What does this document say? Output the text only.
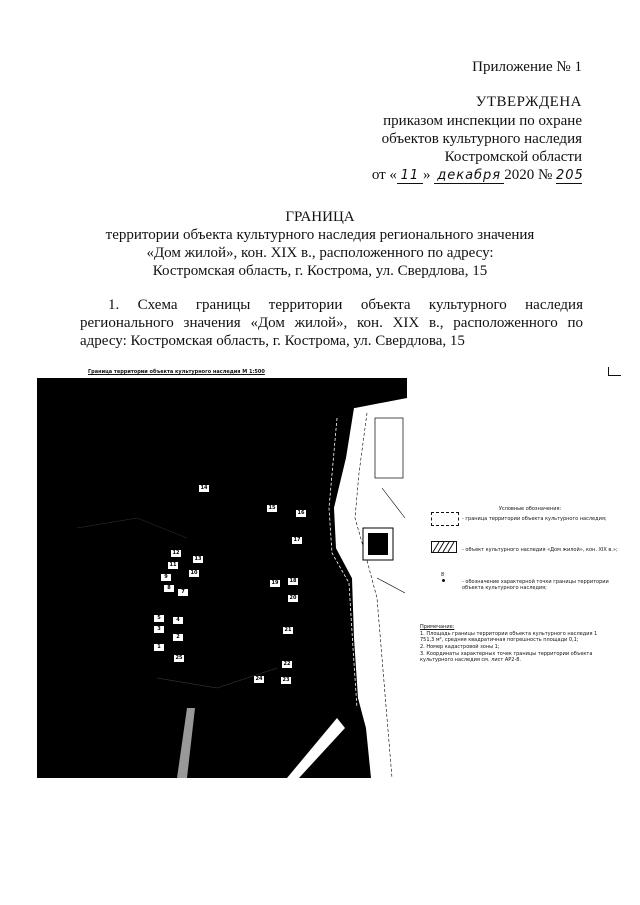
Приложение № 1
УТВЕРЖДЕНА
приказом инспекции по охране
объектов культурного наследия
Костромской области
от « 11 » декабря 2020 № 205
ГРАНИЦА
территории объекта культурного наследия регионального значения
«Дом жилой», кон. XIX в., расположенного по адресу:
Костромская область, г. Кострома, ул. Свердлова, 15
1. Схема границы территории объекта культурного наследия регионального значения «Дом жилой», кон. XIX в., расположенного по адресу: Костромская область, г. Кострома, ул. Свердлова, 15
Граница территории объекта культурного наследия М 1:500
14
15
16
17
12
13
11
10
9
8
7
18
19
20
5	4
3
2
1
21
25
22
24	23
Условные обозначения:
- граница территории объекта культурного наследия;
- объект культурного наследия «Дом жилой», кон. XIX в.»;
8
- обозначение характерной точки границы территории объекта культурного наследия;
Примечание:
1. Площадь границы территории объекта культурного наследия 1 751,3 м², средняя квадратичная погрешность площади 0,1;
2. Номер кадастровой зоны 1;
3. Координаты характерных точек границы территории объекта культурного наследия см. лист АР2-8.
